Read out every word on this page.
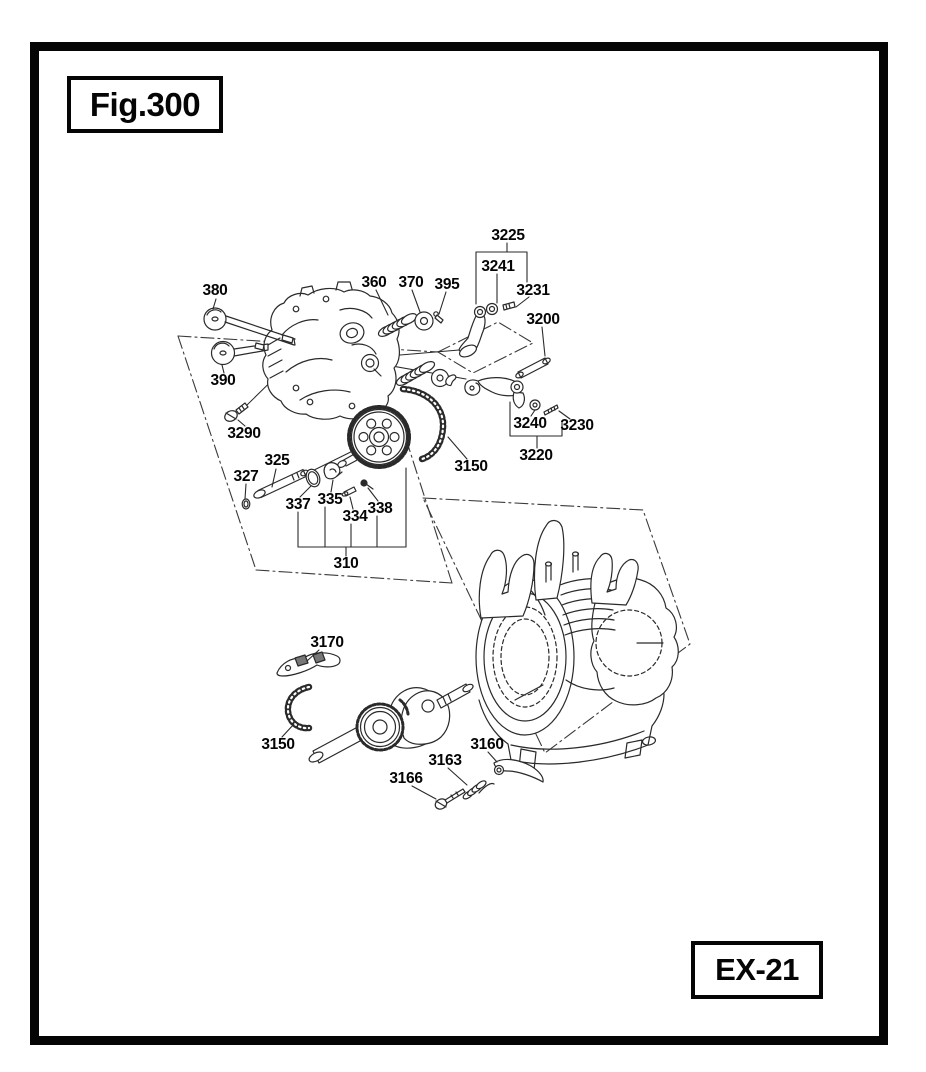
Fig.300
EX-21
380
390
3290
325
327
337 335
334 338
310
360 370 395
3225
3241
3231
3200
3240 3230
3220
3150
3170
3150
3166
3163
3160
